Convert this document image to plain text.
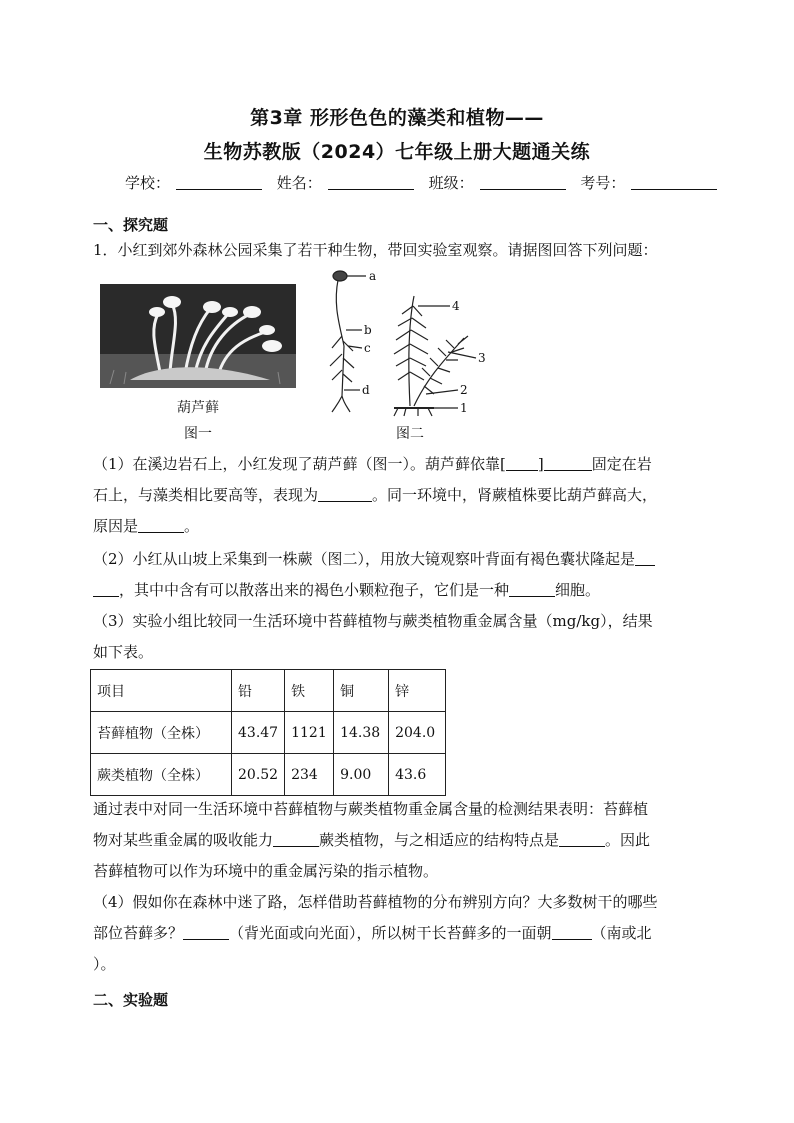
第3章 形形色色的藻类和植物——
生物苏教版（2024）七年级上册大题通关练
学校：	姓名：	班级：	考号：
一、探究题
1．小红到郊外森林公园采集了若干种生物，带回实验室观察。请据图回答下列问题：
葫芦藓
图一
a
b
c
d
4
3
2
1
图二
（1）在溪边岩石上，小红发现了葫芦藓（图一）。葫芦藓依靠[ ]	固定在岩
石上，与藻类相比要高等，表现为	。同一环境中，肾蕨植株要比葫芦藓高大，
原因是	。
（2）小红从山坡上采集到一株蕨（图二），用放大镜观察叶背面有褐色囊状隆起是
，其中中含有可以散落出来的褐色小颗粒孢子，它们是一种	细胞。
（3）实验小组比较同一生活环境中苔藓植物与蕨类植物重金属含量（mg/kg），结果
如下表。
项目	铅	铁	铜	锌
苔藓植物（全株）	43.47	1121	14.38	204.0
蕨类植物（全株）	20.52	234	9.00	43.6
通过表中对同一生活环境中苔藓植物与蕨类植物重金属含量的检测结果表明：苔藓植
物对某些重金属的吸收能力	蕨类植物，与之相适应的结构特点是	。因此
苔藓植物可以作为环境中的重金属污染的指示植物。
（4）假如你在森林中迷了路，怎样借助苔藓植物的分布辨别方向？大多数树干的哪些
部位苔藓多？	（背光面或向光面），所以树干长苔藓多的一面朝	（南或北
）。
二、实验题
